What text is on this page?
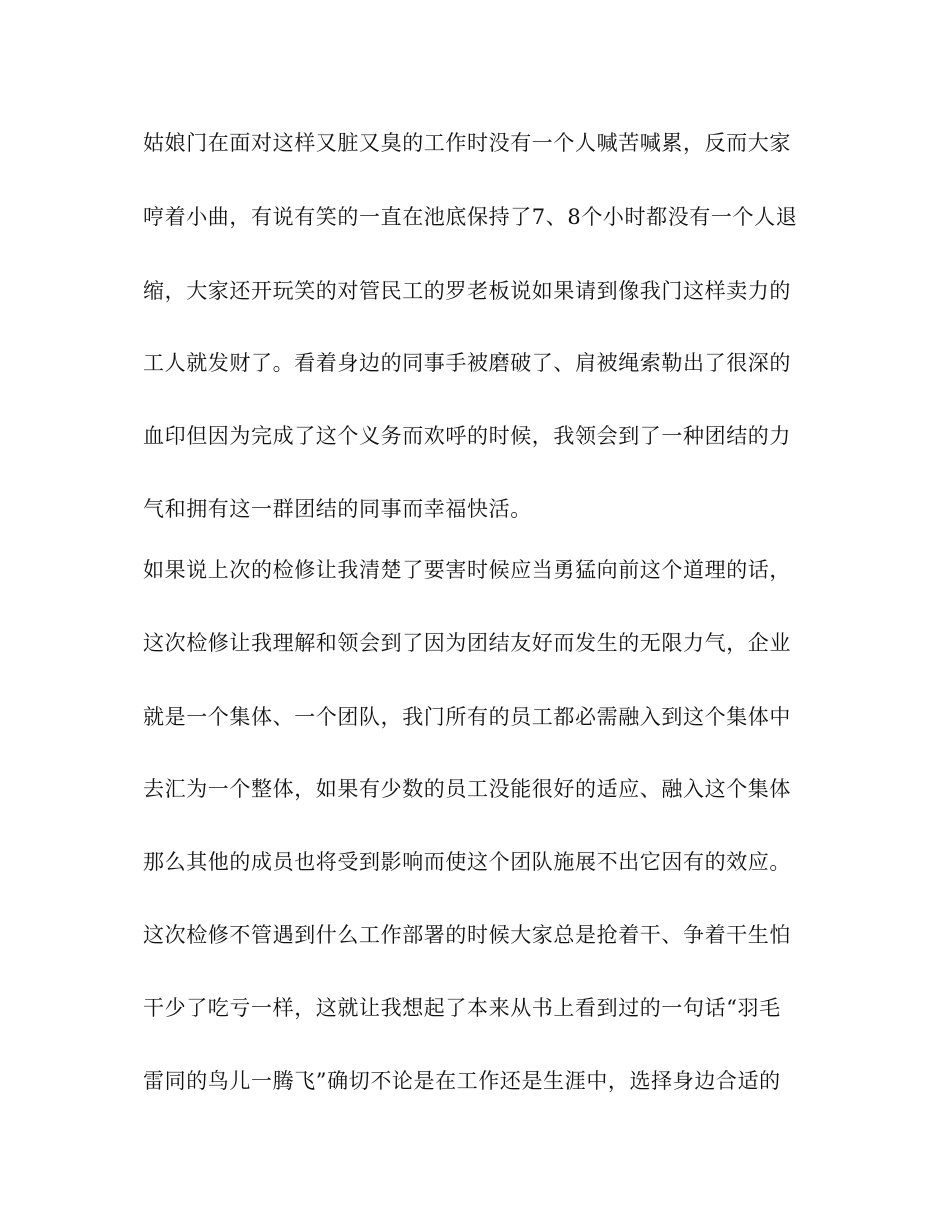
姑娘门在面对这样又脏又臭的工作时没有一个人喊苦喊累，反而大家
哼着小曲，有说有笑的一直在池底保持了7、8个小时都没有一个人退
缩，大家还开玩笑的对管民工的罗老板说如果请到像我门这样卖力的
工人就发财了。看着身边的同事手被磨破了、肩被绳索勒出了很深的
血印但因为完成了这个义务而欢呼的时候，我领会到了一种团结的力
气和拥有这一群团结的同事而幸福快活。
如果说上次的检修让我清楚了要害时候应当勇猛向前这个道理的话，
这次检修让我理解和领会到了因为团结友好而发生的无限力气，企业
就是一个集体、一个团队，我门所有的员工都必需融入到这个集体中
去汇为一个整体，如果有少数的员工没能很好的适应、融入这个集体
那么其他的成员也将受到影响而使这个团队施展不出它因有的效应。
这次检修不管遇到什么工作部署的时候大家总是抢着干、争着干生怕
干少了吃亏一样，这就让我想起了本来从书上看到过的一句话“羽毛
雷同的鸟儿一腾飞”确切不论是在工作还是生涯中，选择身边合适的
